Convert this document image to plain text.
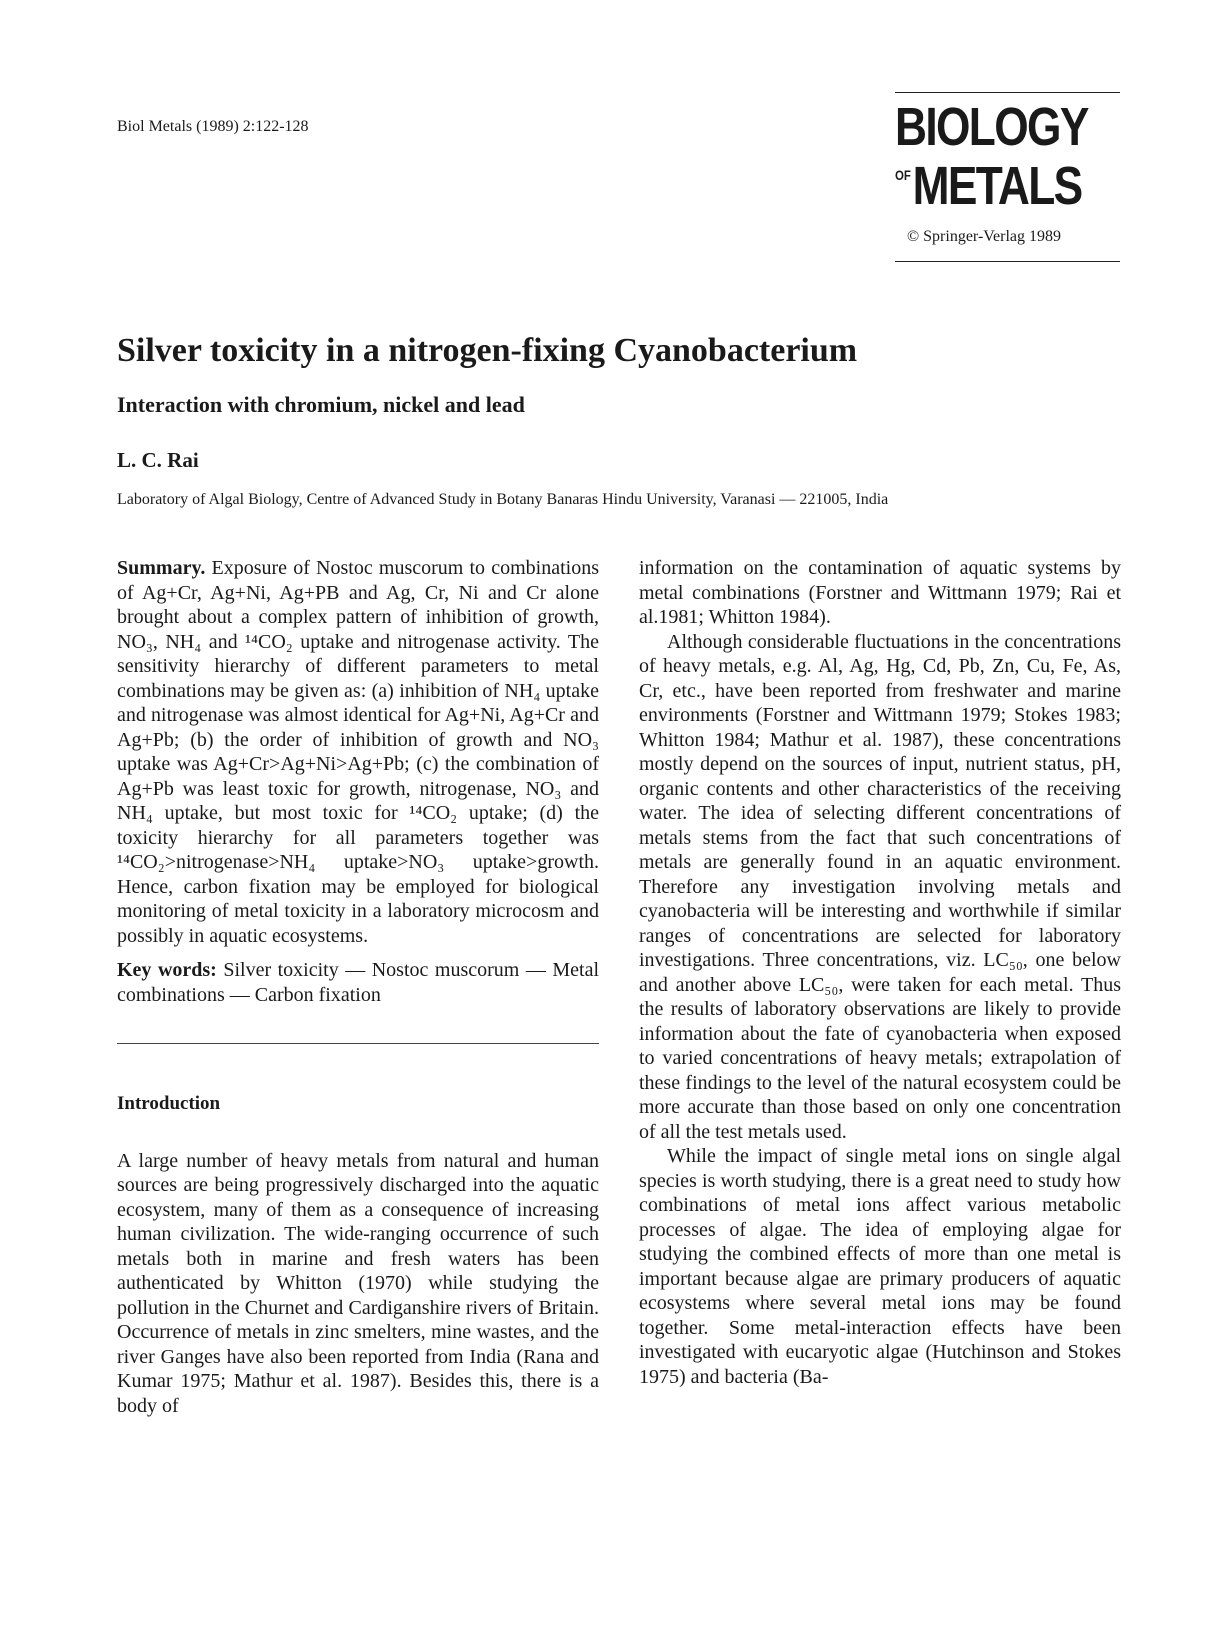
Biol Metals (1989) 2:122-128	BIOLOGY
$^{OF}$METALS
© Springer-Verlag 1989
Silver toxicity in a nitrogen-fixing Cyanobacterium
Interaction with chromium, nickel and lead
L. C. Rai
Laboratory of Algal Biology, Centre of Advanced Study in Botany Banaras Hindu University, Varanasi — 221005, India

Summary. Exposure of Nostoc muscorum to combinations of Ag+Cr, Ag+Ni, Ag+PB and Ag, Cr, Ni and Cr alone brought about a complex pattern of inhibition of growth, NO₃, NH₄ and ¹⁴CO₂ uptake and nitrogenase activity. The sensitivity hierarchy of different parameters to metal combinations may be given as: (a) inhibition of NH₄ uptake and nitrogenase was almost identical for Ag+Ni, Ag+Cr and Ag+Pb; (b) the order of inhibition of growth and NO₃ uptake was Ag+Cr>Ag+Ni>Ag+Pb; (c) the combination of Ag+Pb was least toxic for growth, nitrogenase, NO₃ and NH₄ uptake, but most toxic for ¹⁴CO₂ uptake; (d) the toxicity hierarchy for all parameters together was ¹⁴CO₂>nitrogenase>NH₄ uptake>NO₃ uptake>growth. Hence, carbon fixation may be employed for biological monitoring of metal toxicity in a laboratory microcosm and possibly in aquatic ecosystems.

Key words: Silver toxicity — Nostoc muscorum — Metal combinations — Carbon fixation

Introduction

A large number of heavy metals from natural and human sources are being progressively discharged into the aquatic ecosystem, many of them as a consequence of increasing human civilization. The wide-ranging occurrence of such metals both in marine and fresh waters has been authenticated by Whitton (1970) while studying the pollution in the Churnet and Cardiganshire rivers of Britain. Occurrence of metals in zinc smelters, mine wastes, and the river Ganges have also been reported from India (Rana and Kumar 1975; Mathur et al. 1987). Besides this, there is a body of

information on the contamination of aquatic systems by metal combinations (Forstner and Wittmann 1979; Rai et al.1981; Whitton 1984).

Although considerable fluctuations in the concentrations of heavy metals, e.g. Al, Ag, Hg, Cd, Pb, Zn, Cu, Fe, As, Cr, etc., have been reported from freshwater and marine environments (Forstner and Wittmann 1979; Stokes 1983; Whitton 1984; Mathur et al. 1987), these concentrations mostly depend on the sources of input, nutrient status, pH, organic contents and other characteristics of the receiving water. The idea of selecting different concentrations of metals stems from the fact that such concentrations of metals are generally found in an aquatic environment. Therefore any investigation involving metals and cyanobacteria will be interesting and worthwhile if similar ranges of concentrations are selected for laboratory investigations. Three concentrations, viz. LC₅₀, one below and another above LC₅₀, were taken for each metal. Thus the results of laboratory observations are likely to provide information about the fate of cyanobacteria when exposed to varied concentrations of heavy metals; extrapolation of these findings to the level of the natural ecosystem could be more accurate than those based on only one concentration of all the test metals used.

While the impact of single metal ions on single algal species is worth studying, there is a great need to study how combinations of metal ions affect various metabolic processes of algae. The idea of employing algae for studying the combined effects of more than one metal is important because algae are primary producers of aquatic ecosystems where several metal ions may be found together. Some metal-interaction effects have been investigated with eucaryotic algae (Hutchinson and Stokes 1975) and bacteria (Ba-
